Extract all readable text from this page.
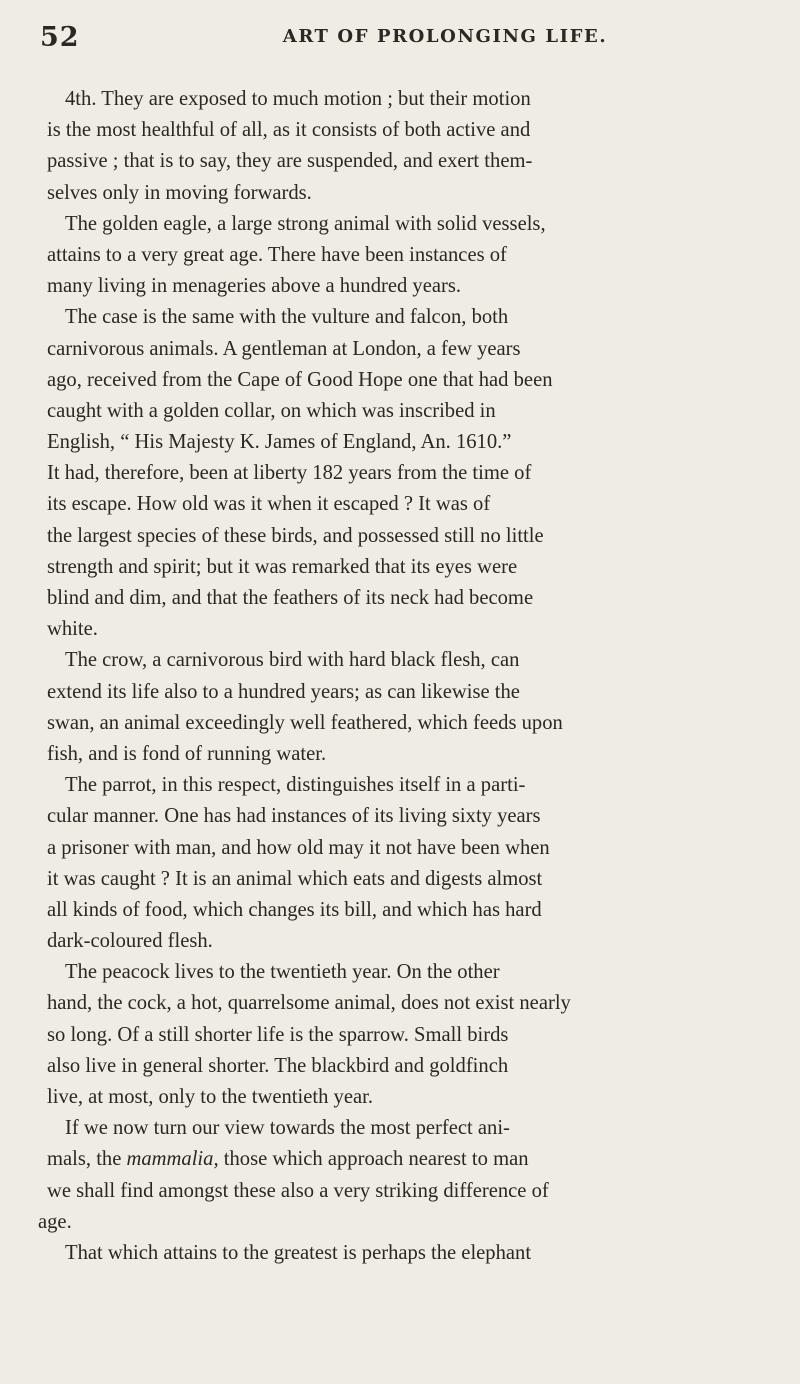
52	ART OF PROLONGING LIFE.
4th. They are exposed to much motion ; but their motion
is the most healthful of all, as it consists of both active and
passive ; that is to say, they are suspended, and exert them-
selves only in moving forwards.
The golden eagle, a large strong animal with solid vessels,
attains to a very great age. There have been instances of
many living in menageries above a hundred years.
The case is the same with the vulture and falcon, both
carnivorous animals. A gentleman at London, a few years
ago, received from the Cape of Good Hope one that had been
caught with a golden collar, on which was inscribed in
English, “ His Majesty K. James of England, An. 1610.”
It had, therefore, been at liberty 182 years from the time of
its escape. How old was it when it escaped ? It was of
the largest species of these birds, and possessed still no little
strength and spirit; but it was remarked that its eyes were
blind and dim, and that the feathers of its neck had become
white.
The crow, a carnivorous bird with hard black flesh, can
extend its life also to a hundred years; as can likewise the
swan, an animal exceedingly well feathered, which feeds upon
fish, and is fond of running water.
The parrot, in this respect, distinguishes itself in a parti-
cular manner. One has had instances of its living sixty years
a prisoner with man, and how old may it not have been when
it was caught ? It is an animal which eats and digests almost
all kinds of food, which changes its bill, and which has hard
dark-coloured flesh.
The peacock lives to the twentieth year. On the other
hand, the cock, a hot, quarrelsome animal, does not exist nearly
so long. Of a still shorter life is the sparrow. Small birds
also live in general shorter. The blackbird and goldfinch
live, at most, only to the twentieth year.
If we now turn our view towards the most perfect ani-
mals, the mammalia, those which approach nearest to man
we shall find amongst these also a very striking difference of
age.
That which attains to the greatest is perhaps the elephant
